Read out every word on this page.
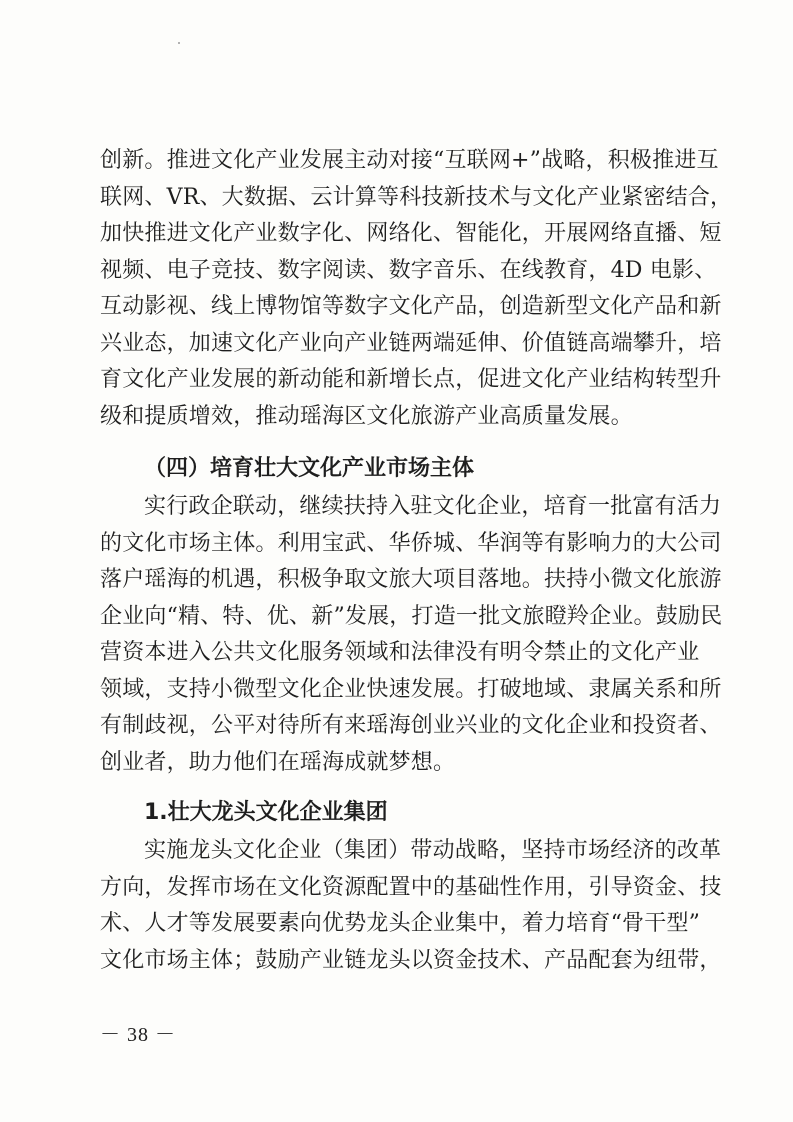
创新。推进文化产业发展主动对接“互联网+”战略，积极推进互
联网、VR、大数据、云计算等科技新技术与文化产业紧密结合，
加快推进文化产业数字化、网络化、智能化，开展网络直播、短
视频、电子竞技、数字阅读、数字音乐、在线教育，4D 电影、
互动影视、线上博物馆等数字文化产品，创造新型文化产品和新
兴业态，加速文化产业向产业链两端延伸、价值链高端攀升，培
育文化产业发展的新动能和新增长点，促进文化产业结构转型升
级和提质增效，推动瑶海区文化旅游产业高质量发展。
（四）培育壮大文化产业市场主体
实行政企联动，继续扶持入驻文化企业，培育一批富有活力
的文化市场主体。利用宝武、华侨城、华润等有影响力的大公司
落户瑶海的机遇，积极争取文旅大项目落地。扶持小微文化旅游
企业向“精、特、优、新”发展，打造一批文旅瞪羚企业。鼓励民
营资本进入公共文化服务领域和法律没有明令禁止的文化产业
领域，支持小微型文化企业快速发展。打破地域、隶属关系和所
有制歧视，公平对待所有来瑶海创业兴业的文化企业和投资者、
创业者，助力他们在瑶海成就梦想。
1.壮大龙头文化企业集团
实施龙头文化企业（集团）带动战略，坚持市场经济的改革
方向，发挥市场在文化资源配置中的基础性作用，引导资金、技
术、人才等发展要素向优势龙头企业集中，着力培育“骨干型”
文化市场主体；鼓励产业链龙头以资金技术、产品配套为纽带，
－ 38 －
